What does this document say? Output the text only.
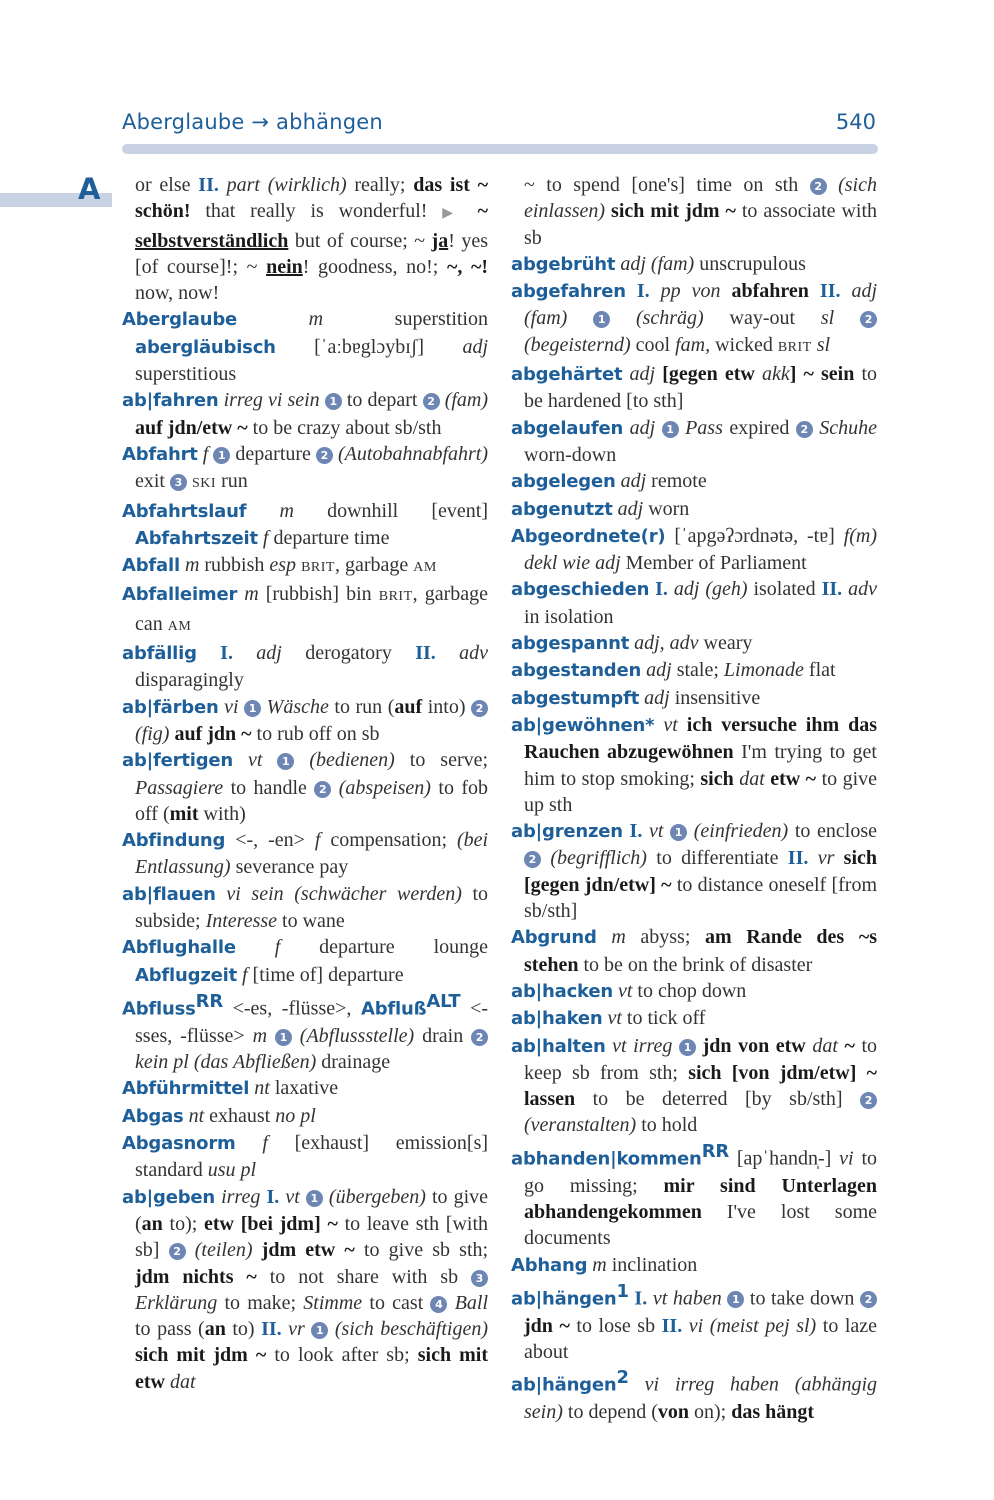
Aberglaube → abhängen	540
A	or else II. part (wirklich) really; das ist ~ schön! that really is wonderful! ▶ ~ selbstverständlich but of course; ~ ja! yes [of course]!; ~ nein! goodness, no!; ~, ~! now, now!

Aberglaube	m	superstition abergläubisch [ˈaːbɐglɔybɪʃ] adj superstitious

ab|fahren irreg vi sein 1 to depart 2 (fam) auf jdn/etw ~ to be crazy about sb/sth

Abfahrt f 1 departure 2 (Autobahnabfahrt) exit 3 SKI run

Abfahrtslauf m downhill [event] Abfahrtszeit f departure time

Abfall m rubbish esp BRIT, garbage AM

Abfalleimer m [rubbish] bin BRIT, garbage can AM

abfällig I. adj derogatory II. adv disparagingly

ab|färben vi 1 Wäsche to run (auf into) 2 (fig) auf jdn ~ to rub off on sb

ab|fertigen vt 1 (bedienen) to serve; Passagiere to handle 2 (abspeisen) to fob off (mit with)

Abfindung <-, -en> f compensation; (bei Entlassung) severance pay

ab|flauen vi sein (schwächer werden) to subside; Interesse to wane

Abflughalle f departure lounge Abflugzeit f [time of] departure

Abfluss$^{RR}$ <-es, -flüsse>, Abfluß$^{ALT}$ <-sses, -flüsse> m 1 (Abflussstelle) drain 2 kein pl (das Abfließen) drainage

Abführmittel nt laxative

Abgas nt exhaust no pl

Abgasnorm f [exhaust] emission[s] standard usu pl

ab|geben irreg I. vt 1 (übergeben) to give (an to); etw [bei jdm] ~ to leave sth [with sb] 2 (teilen) jdm etw ~ to give sb sth; jdm nichts ~ to not share with sb 3 Erklärung to make; Stimme to cast 4 Ball to pass (an to) II. vr 1 (sich beschäftigen) sich mit jdm ~ to look after sb; sich mit etw dat

~ to spend [one's] time on sth 2 (sich einlassen) sich mit jdm ~ to associate with sb

abgebrüht adj (fam) unscrupulous

abgefahren I. pp von abfahren II. adj (fam)	1 (schräg) way-out sl	2 (begeisternd) cool fam, wicked BRIT sl

abgehärtet adj [gegen etw akk] ~ sein to be hardened [to sth]

abgelaufen adj 1 Pass expired 2 Schuhe worn-down

abgelegen adj remote

abgenutzt adj worn

Abgeordnete(r) [ˈapgəʔɔrdnətə, -tɐ] f(m) dekl wie adj Member of Parliament

abgeschieden I. adj (geh) isolated II. adv in isolation

abgespannt adj, adv weary

abgestanden adj stale; Limonade flat

abgestumpft adj insensitive

ab|gewöhnen* vt ich versuche ihm das Rauchen abzugewöhnen I'm trying to get him to stop smoking; sich dat etw ~ to give up sth

ab|grenzen I. vt 1 (einfrieden) to enclose 2 (begrifflich) to differentiate II. vr sich [gegen jdn/etw] ~ to distance oneself [from sb/sth]

Abgrund m abyss; am Rande des ~s stehen to be on the brink of disaster

ab|hacken vt to chop down

ab|haken vt to tick off

ab|halten vt irreg 1 jdn von etw dat ~ to keep sb from sth; sich [von jdm/etw] ~ lassen to be deterred [by sb/sth] 2 (veranstalten) to hold

abhanden|kommen$^{RR}$ [apˈhandn̩-] vi to go missing; mir sind Unterlagen abhandengekommen I've lost some documents

Abhang m inclination

ab|hängen$^1$ I. vt haben 1 to take down 2 jdn ~ to lose sb II. vi (meist pej sl) to laze about

ab|hängen$^2$ vi irreg haben (abhängig sein) to depend (von on); das hängt
